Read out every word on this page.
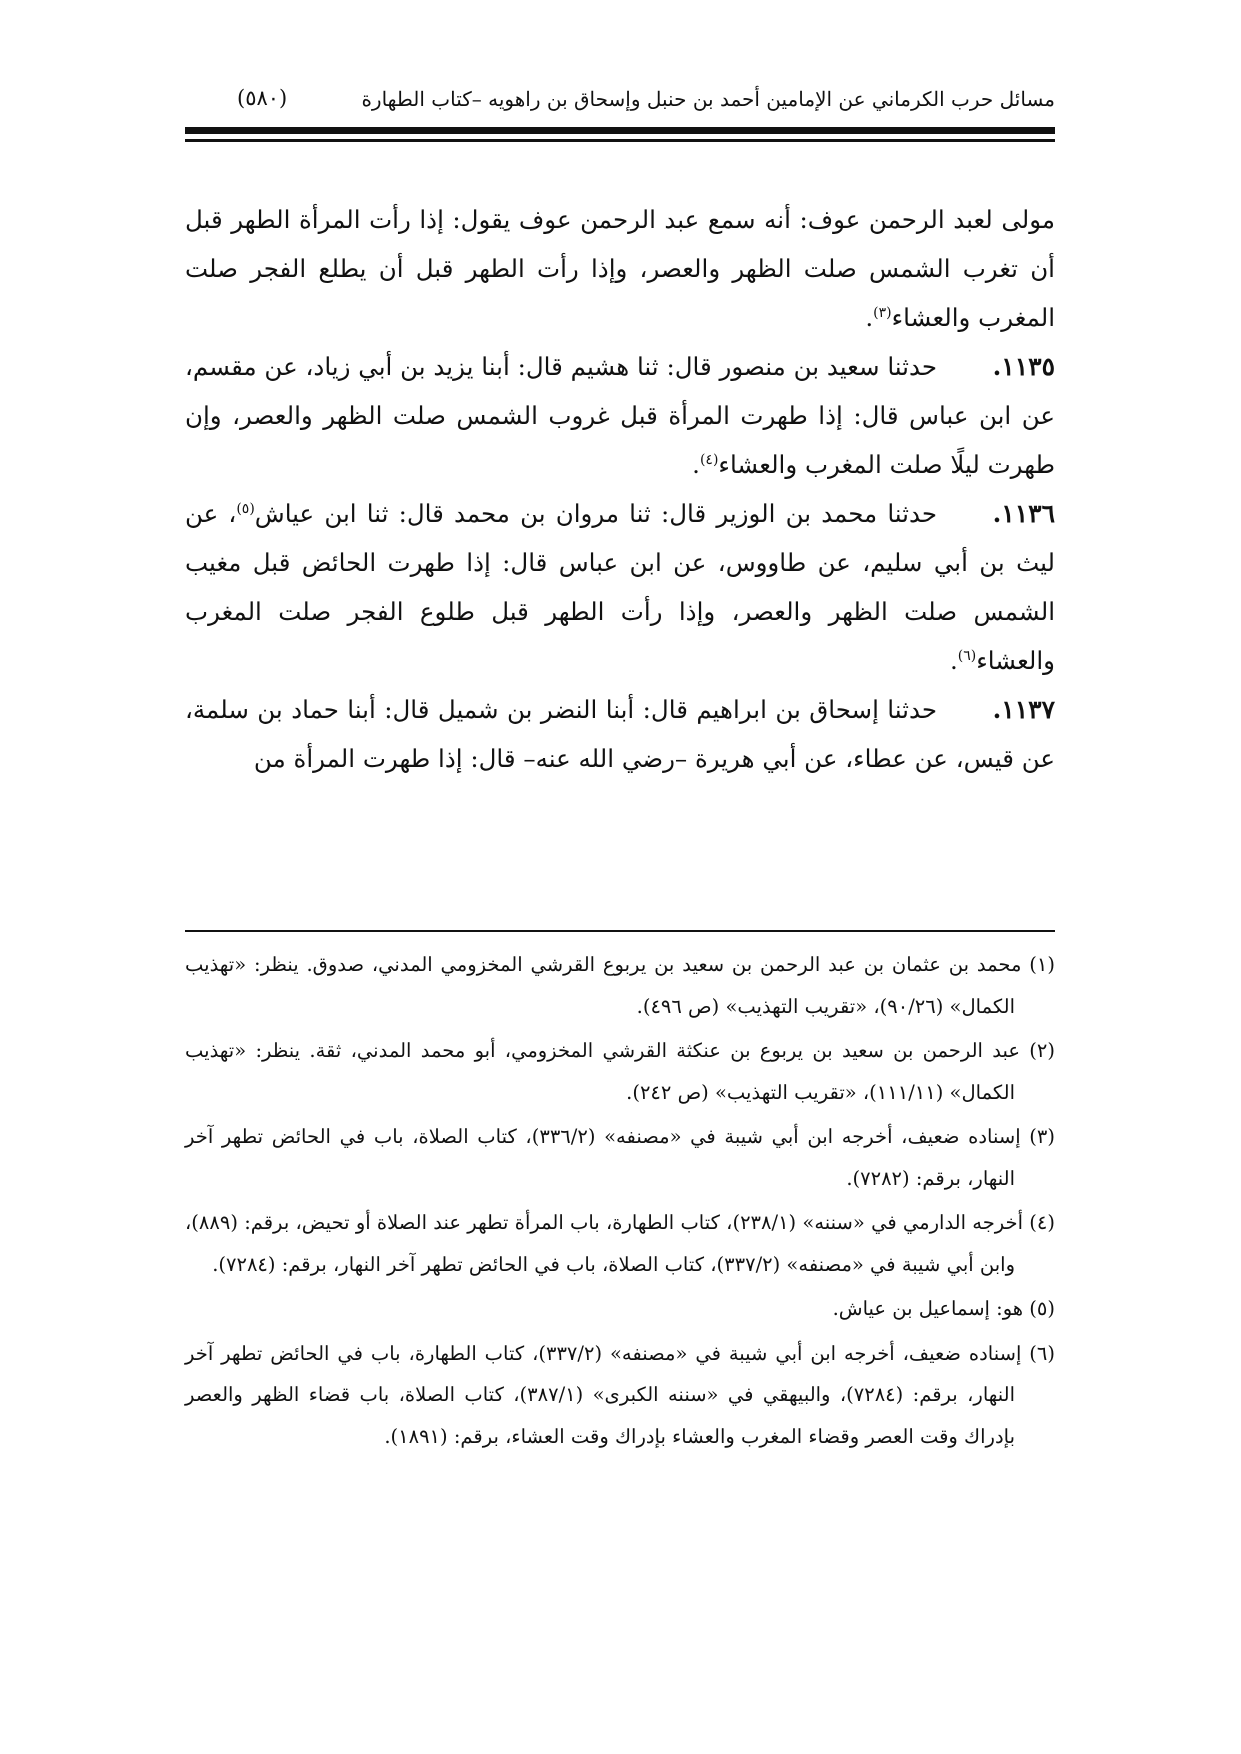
مسائل حرب الكرماني عن الإمامين أحمد بن حنبل وإسحاق بن راهويه –كتاب الطهارة
(٥٨٠)

مولى لعبد الرحمن عوف: أنه سمع عبد الرحمن عوف يقول: إذا رأت المرأة الطهر قبل أن تغرب الشمس صلت الظهر والعصر، وإذا رأت الطهر قبل أن يطلع الفجر صلت المغرب والعشاء$^{(٣)}$.

١١٣٥.حدثنا سعيد بن منصور قال: ثنا هشيم قال: أبنا يزيد بن أبي زياد، عن مقسم، عن ابن عباس قال: إذا طهرت المرأة قبل غروب الشمس صلت الظهر والعصر، وإن طهرت ليلًا صلت المغرب والعشاء$^{(٤)}$.

١١٣٦.حدثنا محمد بن الوزير قال: ثنا مروان بن محمد قال: ثنا ابن عياش$^{(٥)}$، عن ليث بن أبي سليم، عن طاووس، عن ابن عباس قال: إذا طهرت الحائض قبل مغيب الشمس صلت الظهر والعصر، وإذا رأت الطهر قبل طلوع الفجر صلت المغرب والعشاء$^{(٦)}$.

١١٣٧.حدثنا إسحاق بن ابراهيم قال: أبنا النضر بن شميل قال: أبنا حماد بن سلمة، عن قيس، عن عطاء، عن أبي هريرة –رضي الله عنه– قال: إذا طهرت المرأة من

(١) محمد بن عثمان بن عبد الرحمن بن سعيد بن يربوع القرشي المخزومي المدني، صدوق. ينظر: «تهذيب الكمال» (٩٠/٢٦)، «تقريب التهذيب» (ص ٤٩٦).

(٢) عبد الرحمن بن سعيد بن يربوع بن عنكثة القرشي المخزومي، أبو محمد المدني، ثقة. ينظر: «تهذيب الكمال» (١١١/١١)، «تقريب التهذيب» (ص ٢٤٢).

(٣) إسناده ضعيف، أخرجه ابن أبي شيبة في «مصنفه» (٣٣٦/٢)، كتاب الصلاة، باب في الحائض تطهر آخر النهار، برقم: (٧٢٨٢).

(٤) أخرجه الدارمي في «سننه» (٢٣٨/١)، كتاب الطهارة، باب المرأة تطهر عند الصلاة أو تحيض، برقم: (٨٨٩)، وابن أبي شيبة في «مصنفه» (٣٣٧/٢)، كتاب الصلاة، باب في الحائض تطهر آخر النهار، برقم: (٧٢٨٤).

(٥) هو: إسماعيل بن عياش.

(٦) إسناده ضعيف، أخرجه ابن أبي شيبة في «مصنفه» (٣٣٧/٢)، كتاب الطهارة، باب في الحائض تطهر آخر النهار، برقم: (٧٢٨٤)، والبيهقي في «سننه الكبرى» (٣٨٧/١)، كتاب الصلاة، باب قضاء الظهر والعصر بإدراك وقت العصر وقضاء المغرب والعشاء بإدراك وقت العشاء، برقم: (١٨٩١).
